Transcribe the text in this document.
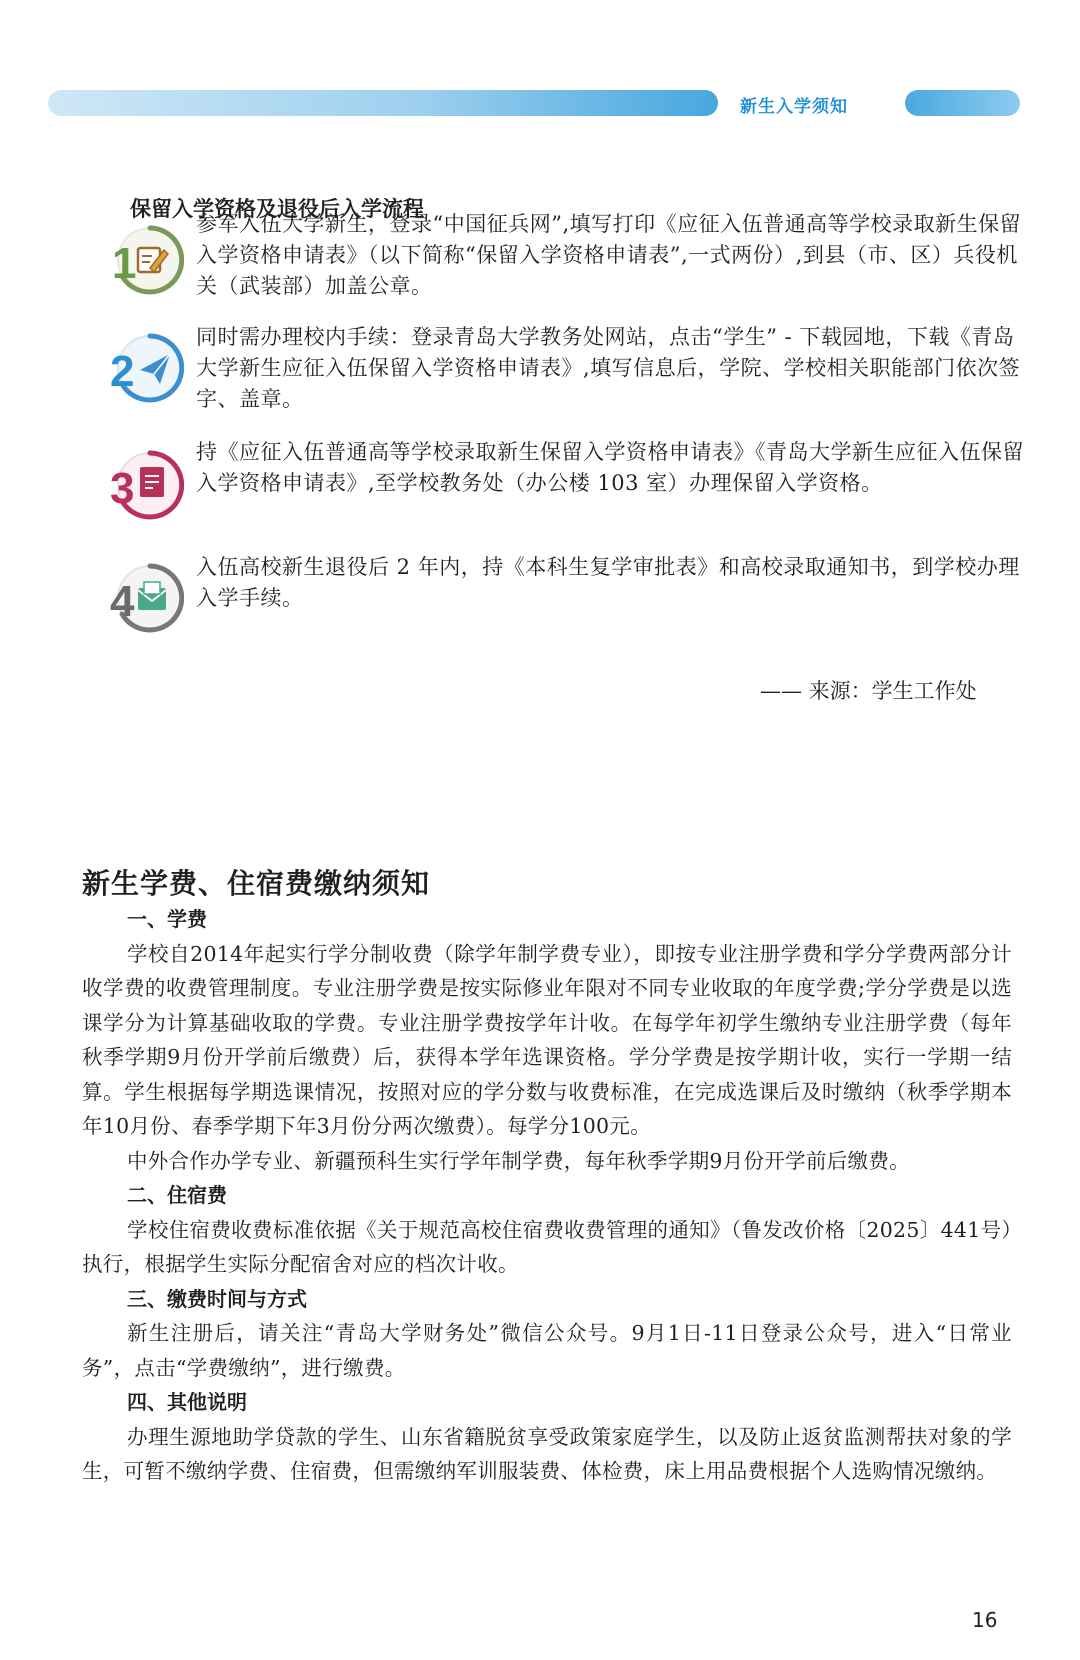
新生入学须知
保留入学资格及退役后入学流程
1
参军入伍大学新生，登录“中国征兵网”,填写打印《应征入伍普通高等学校录取新生保留入学资格申请表》（以下简称“保留入学资格申请表”,一式两份）,到县（市、区）兵役机关（武装部）加盖公章。
2
同时需办理校内手续：登录青岛大学教务处网站，点击“学生” - 下载园地，下载《青岛大学新生应征入伍保留入学资格申请表》,填写信息后，学院、学校相关职能部门依次签字、盖章。
3
持《应征入伍普通高等学校录取新生保留入学资格申请表》《青岛大学新生应征入伍保留入学资格申请表》,至学校教务处（办公楼 103 室）办理保留入学资格。
4
入伍高校新生退役后 2 年内，持《本科生复学审批表》和高校录取通知书，到学校办理入学手续。
—— 来源：学生工作处
新生学费、住宿费缴纳须知
一、学费
学校自2014年起实行学分制收费（除学年制学费专业），即按专业注册学费和学分学费两部分计收学费的收费管理制度。专业注册学费是按实际修业年限对不同专业收取的年度学费;学分学费是以选课学分为计算基础收取的学费。专业注册学费按学年计收。在每学年初学生缴纳专业注册学费（每年秋季学期9月份开学前后缴费）后，获得本学年选课资格。学分学费是按学期计收，实行一学期一结算。学生根据每学期选课情况，按照对应的学分数与收费标准，在完成选课后及时缴纳（秋季学期本年10月份、春季学期下年3月份分两次缴费）。每学分100元。
中外合作办学专业、新疆预科生实行学年制学费，每年秋季学期9月份开学前后缴费。
二、住宿费
学校住宿费收费标准依据《关于规范高校住宿费收费管理的通知》（鲁发改价格〔2025〕441号）执行，根据学生实际分配宿舍对应的档次计收。
三、缴费时间与方式
新生注册后，请关注“青岛大学财务处”微信公众号。9月1日-11日登录公众号，进入“日常业务”，点击“学费缴纳”，进行缴费。
四、其他说明
办理生源地助学贷款的学生、山东省籍脱贫享受政策家庭学生，以及防止返贫监测帮扶对象的学生，可暂不缴纳学费、住宿费，但需缴纳军训服装费、体检费，床上用品费根据个人选购情况缴纳。
16
